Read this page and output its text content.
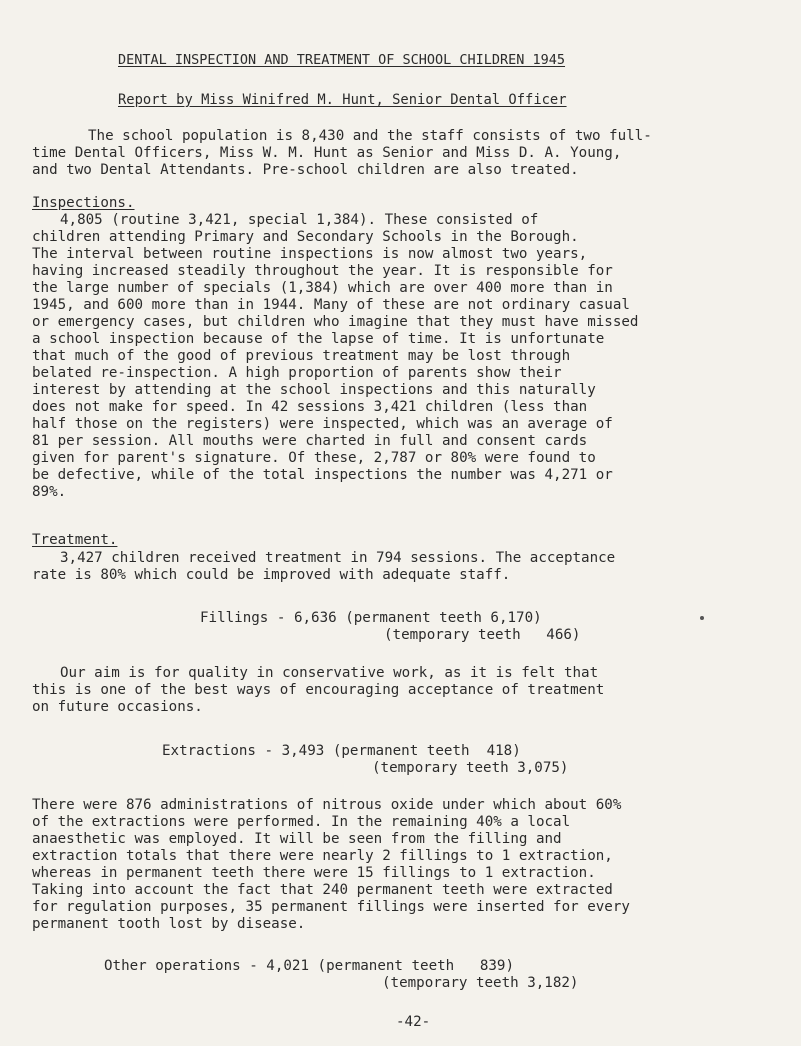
DENTAL INSPECTION AND TREATMENT OF SCHOOL CHILDREN 1945
Report by Miss Winifred M. Hunt, Senior Dental Officer
The school population is 8,430 and the staff consists of two full-
time Dental Officers, Miss W. M. Hunt as Senior and Miss D. A. Young,
and two Dental Attendants. Pre-school children are also treated.
Inspections.
4,805 (routine 3,421, special 1,384). These consisted of
children attending Primary and Secondary Schools in the Borough.
The interval between routine inspections is now almost two years,
having increased steadily throughout the year. It is responsible for
the large number of specials (1,384) which are over 400 more than in
1945, and 600 more than in 1944. Many of these are not ordinary casual
or emergency cases, but children who imagine that they must have missed
a school inspection because of the lapse of time. It is unfortunate
that much of the good of previous treatment may be lost through
belated re-inspection. A high proportion of parents show their
interest by attending at the school inspections and this naturally
does not make for speed. In 42 sessions 3,421 children (less than
half those on the registers) were inspected, which was an average of
81 per session. All mouths were charted in full and consent cards
given for parent's signature. Of these, 2,787 or 80% were found to
be defective, while of the total inspections the number was 4,271 or
89%.
Treatment.
3,427 children received treatment in 794 sessions. The acceptance
rate is 80% which could be improved with adequate staff.
Fillings - 6,636 (permanent teeth 6,170)
(temporary teeth   466)
Our aim is for quality in conservative work, as it is felt that
this is one of the best ways of encouraging acceptance of treatment
on future occasions.
Extractions - 3,493 (permanent teeth  418)
(temporary teeth 3,075)
There were 876 administrations of nitrous oxide under which about 60%
of the extractions were performed. In the remaining 40% a local
anaesthetic was employed. It will be seen from the filling and
extraction totals that there were nearly 2 fillings to 1 extraction,
whereas in permanent teeth there were 15 fillings to 1 extraction.
Taking into account the fact that 240 permanent teeth were extracted
for regulation purposes, 35 permanent fillings were inserted for every
permanent tooth lost by disease.
Other operations - 4,021 (permanent teeth   839)
(temporary teeth 3,182)
-42-
